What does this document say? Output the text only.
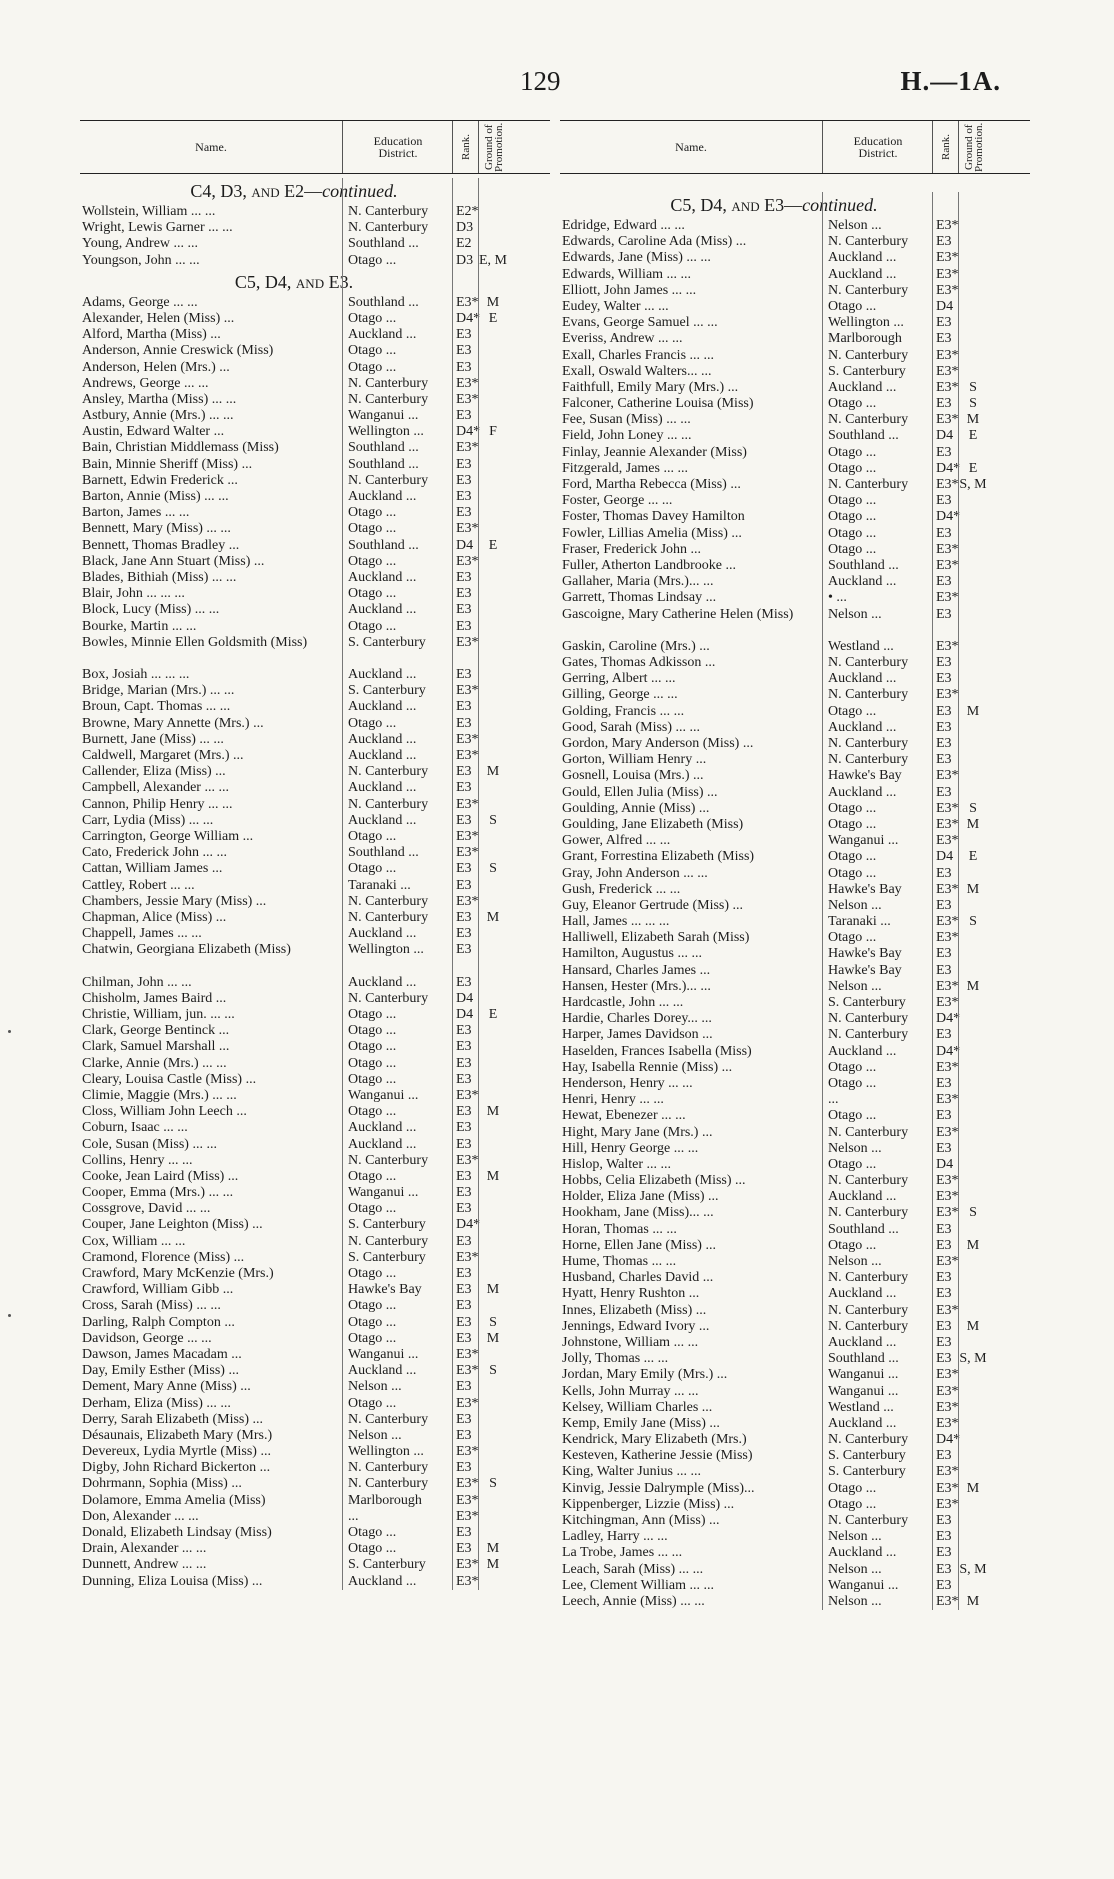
129	H.—1A.
Name.	Education
District.	Rank. Ground of Promotion.
C4, D3, and E2—continued.
Wollstein, William ... ...	N. Canterbury	E2*
Wright, Lewis Garner ... ...	N. Canterbury	D3
Young, Andrew ... ...	Southland ...	E2
Youngson, John ... ...	Otago ...	D3 E, M
C5, D4, and E3.
Adams, George ... ...	Southland ...	E3* M
Alexander, Helen (Miss) ...	Otago ...	D4* E
Alford, Martha (Miss) ...	Auckland ...	E3
Anderson, Annie Creswick (Miss)	Otago ...	E3
Anderson, Helen (Mrs.) ...	Otago ...	E3
Andrews, George ... ...	N. Canterbury	E3*
Ansley, Martha (Miss) ... ...	N. Canterbury	E3*
Astbury, Annie (Mrs.) ... ...	Wanganui ...	E3
Austin, Edward Walter ...	Wellington ...	D4* F
Bain, Christian Middlemass (Miss)	Southland ...	E3*
Bain, Minnie Sheriff (Miss) ...	Southland ...	E3
Barnett, Edwin Frederick ...	N. Canterbury	E3
Barton, Annie (Miss) ... ...	Auckland ...	E3
Barton, James ... ...	Otago ...	E3
Bennett, Mary (Miss) ... ...	Otago ...	E3*
Bennett, Thomas Bradley ...	Southland ...	D4	E
Black, Jane Ann Stuart (Miss) ...	Otago ...	E3*
Blades, Bithiah (Miss) ... ...	Auckland ...	E3
Blair, John ... ... ...	Otago ...	E3
Block, Lucy (Miss) ... ...	Auckland ...	E3
Bourke, Martin ... ...	Otago ...	E3
Bowles, Minnie Ellen Goldsmith (Miss)	S. Canterbury	E3*
Box, Josiah ... ... ...	Auckland ...	E3
Bridge, Marian (Mrs.) ... ...	S. Canterbury	E3*
Broun, Capt. Thomas ... ...	Auckland ...	E3
Browne, Mary Annette (Mrs.) ...	Otago ...	E3
Burnett, Jane (Miss) ... ...	Auckland ...	E3*
Caldwell, Margaret (Mrs.) ...	Auckland ...	E3*
Callender, Eliza (Miss) ...	N. Canterbury	E3	M
Campbell, Alexander ... ...	Auckland ...	E3
Cannon, Philip Henry ... ...	N. Canterbury	E3*
Carr, Lydia (Miss) ... ...	Auckland ...	E3	S
Carrington, George William ...	Otago ...	E3*
Cato, Frederick John ... ...	Southland ...	E3*
Cattan, William James ...	Otago ...	E3	S
Cattley, Robert ... ...	Taranaki ...	E3
Chambers, Jessie Mary (Miss) ...	N. Canterbury	E3*
Chapman, Alice (Miss) ...	N. Canterbury	E3	M
Chappell, James ... ...	Auckland ...	E3
Chatwin, Georgiana Elizabeth (Miss)	Wellington ...	E3
Chilman, John ... ...	Auckland ...	E3
Chisholm, James Baird ...	N. Canterbury	D4
Christie, William, jun. ... ...	Otago ...	D4	E
Clark, George Bentinck ...	Otago ...	E3
Clark, Samuel Marshall ...	Otago ...	E3
Clarke, Annie (Mrs.) ... ...	Otago ...	E3
Cleary, Louisa Castle (Miss) ...	Otago ...	E3
Climie, Maggie (Mrs.) ... ...	Wanganui ...	E3*
Closs, William John Leech ...	Otago ...	E3	M
Coburn, Isaac ... ...	Auckland ...	E3
Cole, Susan (Miss) ... ...	Auckland ...	E3
Collins, Henry ... ...	N. Canterbury	E3*
Cooke, Jean Laird (Miss) ...	Otago ...	E3	M
Cooper, Emma (Mrs.) ... ...	Wanganui ...	E3
Cossgrove, David ... ...	Otago ...	E3
Couper, Jane Leighton (Miss) ...	S. Canterbury	D4*
Cox, William ... ...	N. Canterbury	E3
Cramond, Florence (Miss) ...	S. Canterbury	E3*
Crawford, Mary McKenzie (Mrs.)	Otago ...	E3
Crawford, William Gibb ...	Hawke's Bay	E3	M
Cross, Sarah (Miss) ... ...	Otago ...	E3
Darling, Ralph Compton ...	Otago ...	E3	S
Davidson, George ... ...	Otago ...	E3	M
Dawson, James Macadam ...	Wanganui ...	E3*
Day, Emily Esther (Miss) ...	Auckland ...	E3* S
Dement, Mary Anne (Miss) ...	Nelson ...	E3
Derham, Eliza (Miss) ... ...	Otago ...	E3*
Derry, Sarah Elizabeth (Miss) ...	N. Canterbury	E3
Désaunais, Elizabeth Mary (Mrs.)	Nelson ...	E3
Devereux, Lydia Myrtle (Miss) ...	Wellington ...	E3*
Digby, John Richard Bickerton ...	N. Canterbury	E3
Dohrmann, Sophia (Miss) ...	N. Canterbury	E3* S
Dolamore, Emma Amelia (Miss)	Marlborough	E3*
Don, Alexander ... ...	...	E3*
Donald, Elizabeth Lindsay (Miss)	Otago ...	E3
Drain, Alexander ... ...	Otago ...	E3	M
Dunnett, Andrew ... ...	S. Canterbury	E3* M
Dunning, Eliza Louisa (Miss) ...	Auckland ...	E3*
Name.	Education
District.	Rank. Ground of Promotion.
C5, D4, and E3—continued.
Edridge, Edward ... ...	Nelson ...	E3*
Edwards, Caroline Ada (Miss) ...	N. Canterbury	E3
Edwards, Jane (Miss) ... ...	Auckland ...	E3*
Edwards, William ... ...	Auckland ...	E3*
Elliott, John James ... ...	N. Canterbury	E3*
Eudey, Walter ... ...	Otago ...	D4
Evans, George Samuel ... ...	Wellington ...	E3
Everiss, Andrew ... ...	Marlborough	E3
Exall, Charles Francis ... ...	N. Canterbury	E3*
Exall, Oswald Walters... ...	S. Canterbury	E3*
Faithfull, Emily Mary (Mrs.) ...	Auckland ...	E3* S
Falconer, Catherine Louisa (Miss)	Otago ...	E3	S
Fee, Susan (Miss) ... ...	N. Canterbury	E3* M
Field, John Loney ... ...	Southland ...	D4	E
Finlay, Jeannie Alexander (Miss)	Otago ...	E3
Fitzgerald, James ... ...	Otago ...	D4* E
Ford, Martha Rebecca (Miss) ...	N. Canterbury	E3* S, M
Foster, George ... ...	Otago ...	E3
Foster, Thomas Davey Hamilton	Otago ...	D4*
Fowler, Lillias Amelia (Miss) ...	Otago ...	E3
Fraser, Frederick John ...	Otago ...	E3*
Fuller, Atherton Landbrooke ...	Southland ...	E3*
Gallaher, Maria (Mrs.)... ...	Auckland ...	E3
Garrett, Thomas Lindsay ...	• ...	E3*
Gascoigne, Mary Catherine Helen (Miss)	Nelson ...	E3
Gaskin, Caroline (Mrs.) ...	Westland ...	E3*
Gates, Thomas Adkisson ...	N. Canterbury	E3
Gerring, Albert ... ...	Auckland ...	E3
Gilling, George ... ...	N. Canterbury	E3*
Golding, Francis ... ...	Otago ...	E3	M
Good, Sarah (Miss) ... ...	Auckland ...	E3
Gordon, Mary Anderson (Miss) ...	N. Canterbury	E3
Gorton, William Henry ...	N. Canterbury	E3
Gosnell, Louisa (Mrs.) ...	Hawke's Bay	E3*
Gould, Ellen Julia (Miss) ...	Auckland ...	E3
Goulding, Annie (Miss) ...	Otago ...	E3* S
Goulding, Jane Elizabeth (Miss)	Otago ...	E3* M
Gower, Alfred ... ...	Wanganui ...	E3*
Grant, Forrestina Elizabeth (Miss)	Otago ...	D4	E
Gray, John Anderson ... ...	Otago ...	E3
Gush, Frederick ... ...	Hawke's Bay	E3* M
Guy, Eleanor Gertrude (Miss) ...	Nelson ...	E3
Hall, James ... ... ...	Taranaki ...	E3* S
Halliwell, Elizabeth Sarah (Miss)	Otago ...	E3*
Hamilton, Augustus ... ...	Hawke's Bay	E3
Hansard, Charles James ...	Hawke's Bay	E3
Hansen, Hester (Mrs.)... ...	Nelson ...	E3* M
Hardcastle, John ... ...	S. Canterbury	E3*
Hardie, Charles Dorey... ...	N. Canterbury	D4*
Harper, James Davidson ...	N. Canterbury	E3
Haselden, Frances Isabella (Miss)	Auckland ...	D4*
Hay, Isabella Rennie (Miss) ...	Otago ...	E3*
Henderson, Henry ... ...	Otago ...	E3
Henri, Henry ... ...	...	E3*
Hewat, Ebenezer ... ...	Otago ...	E3
Hight, Mary Jane (Mrs.) ...	N. Canterbury	E3*
Hill, Henry George ... ...	Nelson ...	E3
Hislop, Walter ... ...	Otago ...	D4
Hobbs, Celia Elizabeth (Miss) ...	N. Canterbury	E3*
Holder, Eliza Jane (Miss) ...	Auckland ...	E3*
Hookham, Jane (Miss)... ...	N. Canterbury	E3* S
Horan, Thomas ... ...	Southland ...	E3
Horne, Ellen Jane (Miss) ...	Otago ...	E3	M
Hume, Thomas ... ...	Nelson ...	E3*
Husband, Charles David ...	N. Canterbury	E3
Hyatt, Henry Rushton ...	Auckland ...	E3
Innes, Elizabeth (Miss) ...	N. Canterbury	E3*
Jennings, Edward Ivory ...	N. Canterbury	E3	M
Johnstone, William ... ...	Auckland ...	E3
Jolly, Thomas ... ...	Southland ...	E3 S, M
Jordan, Mary Emily (Mrs.) ...	Wanganui ...	E3*
Kells, John Murray ... ...	Wanganui ...	E3*
Kelsey, William Charles ...	Westland ...	E3*
Kemp, Emily Jane (Miss) ...	Auckland ...	E3*
Kendrick, Mary Elizabeth (Mrs.)	N. Canterbury	D4*
Kesteven, Katherine Jessie (Miss)	S. Canterbury	E3
King, Walter Junius ... ...	S. Canterbury	E3*
Kinvig, Jessie Dalrymple (Miss)...	Otago ...	E3* M
Kippenberger, Lizzie (Miss) ...	Otago ...	E3*
Kitchingman, Ann (Miss) ...	N. Canterbury	E3
Ladley, Harry ... ...	Nelson ...	E3
La Trobe, James ... ...	Auckland ...	E3
Leach, Sarah (Miss) ... ...	Nelson ...	E3 S, M
Lee, Clement William ... ...	Wanganui ...	E3
Leech, Annie (Miss) ... ...	Nelson ...	E3* M
